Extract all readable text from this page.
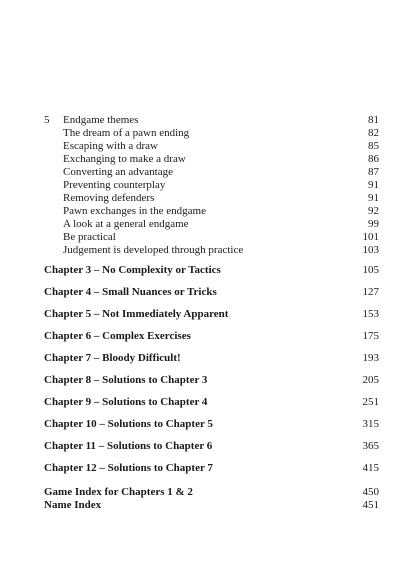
5 Endgame themes	81
The dream of a pawn ending	82
Escaping with a draw	85
Exchanging to make a draw	86
Converting an advantage	87
Preventing counterplay	91
Removing defenders	91
Pawn exchanges in the endgame	92
A look at a general endgame	99
Be practical	101
Judgement is developed through practice	103
Chapter 3 – No Complexity or Tactics	105
Chapter 4 – Small Nuances or Tricks	127
Chapter 5 – Not Immediately Apparent	153
Chapter 6 – Complex Exercises	175
Chapter 7 – Bloody Difficult!	193
Chapter 8 – Solutions to Chapter 3	205
Chapter 9 – Solutions to Chapter 4	251
Chapter 10 – Solutions to Chapter 5	315
Chapter 11 – Solutions to Chapter 6	365
Chapter 12 – Solutions to Chapter 7	415
Game Index for Chapters 1 & 2	450
Name Index	451
